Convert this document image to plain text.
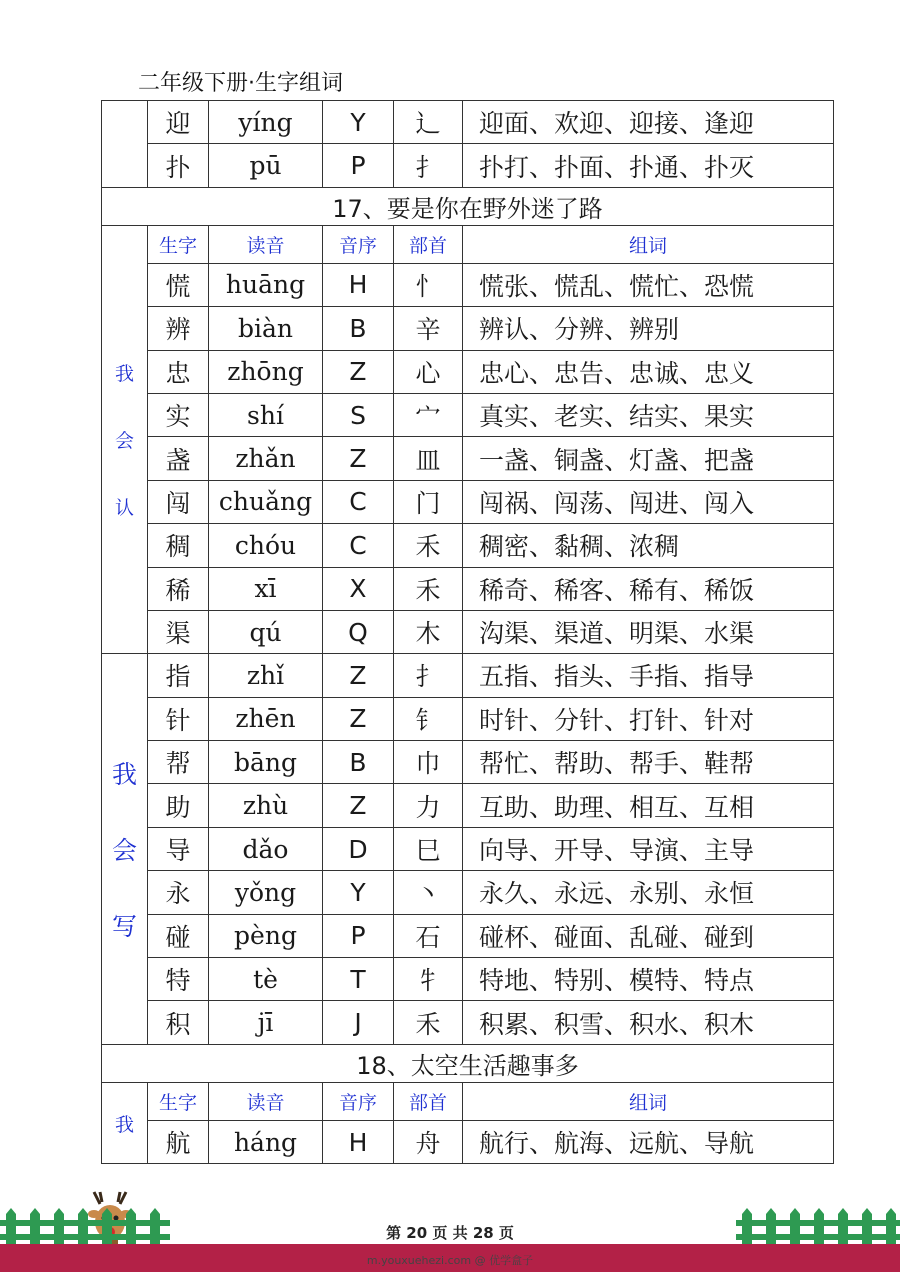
二年级下册·生字组词
	迎	yíng	Y	辶	迎面、欢迎、迎接、逢迎
	扑	pū	P	扌	扑打、扑面、扑通、扑灭
17、要是你在野外迷了路					

我
会
认	生字	读音	音序	部首	组词
	慌	huāng	H	忄	慌张、慌乱、慌忙、恐慌
	辨	biàn	B	辛	辨认、分辨、辨别
	忠	zhōng	Z	心	忠心、忠告、忠诚、忠义
	实	shí	S	宀	真实、老实、结实、果实
	盏	zhǎn	Z	皿	一盏、铜盏、灯盏、把盏
	闯	chuǎng	C	门	闯祸、闯荡、闯进、闯入
	稠	chóu	C	禾	稠密、黏稠、浓稠
	稀	xī	X	禾	稀奇、稀客、稀有、稀饭
	渠	qú	Q	木	沟渠、渠道、明渠、水渠

我
会
写	指	zhǐ	Z	扌	五指、指头、手指、指导
	针	zhēn	Z	钅	时针、分针、打针、针对
	帮	bāng	B	巾	帮忙、帮助、帮手、鞋帮
	助	zhù	Z	力	互助、助理、相互、互相
	导	dǎo	D	巳	向导、开导、导演、主导
	永	yǒng	Y	丶	永久、永远、永别、永恒
	碰	pèng	P	石	碰杯、碰面、乱碰、碰到
	特	tè	T	牜	特地、特别、模特、特点
	积	jī	J	禾	积累、积雪、积水、积木
18、太空生活趣事多					
我	生字	读音	音序	部首	组词
	航	háng	H	舟	航行、航海、远航、导航
第 20 页 共 28 页
m.youxuehezi.com @ 优学盒子
